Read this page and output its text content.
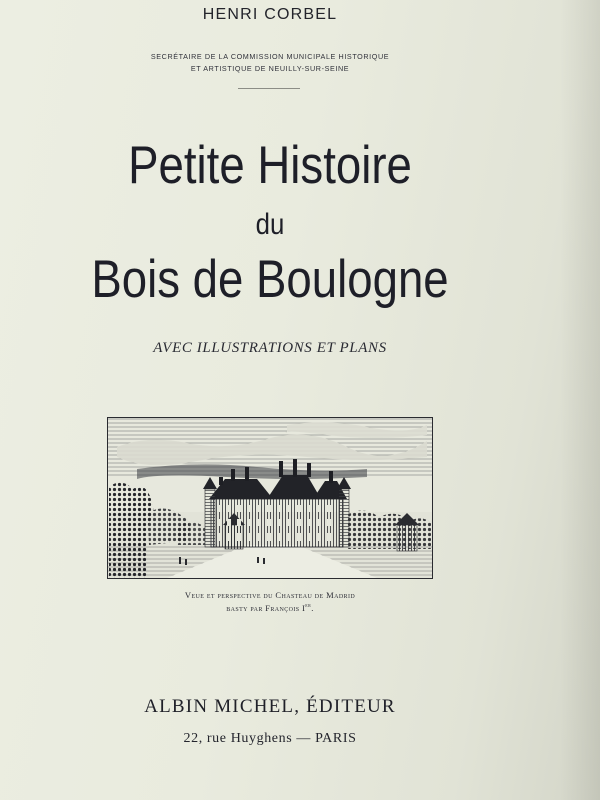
HENRI CORBEL
SECRÉTAIRE DE LA COMMISSION MUNICIPALE HISTORIQUE
ET ARTISTIQUE DE NEUILLY-SUR-SEINE
Petite Histoire
du
Bois de Boulogne
AVEC ILLUSTRATIONS ET PLANS
Veue et perspective du Chasteau de Madrid
basty par François Ier.
ALBIN MICHEL, ÉDITEUR
22, rue Huyghens — PARIS
